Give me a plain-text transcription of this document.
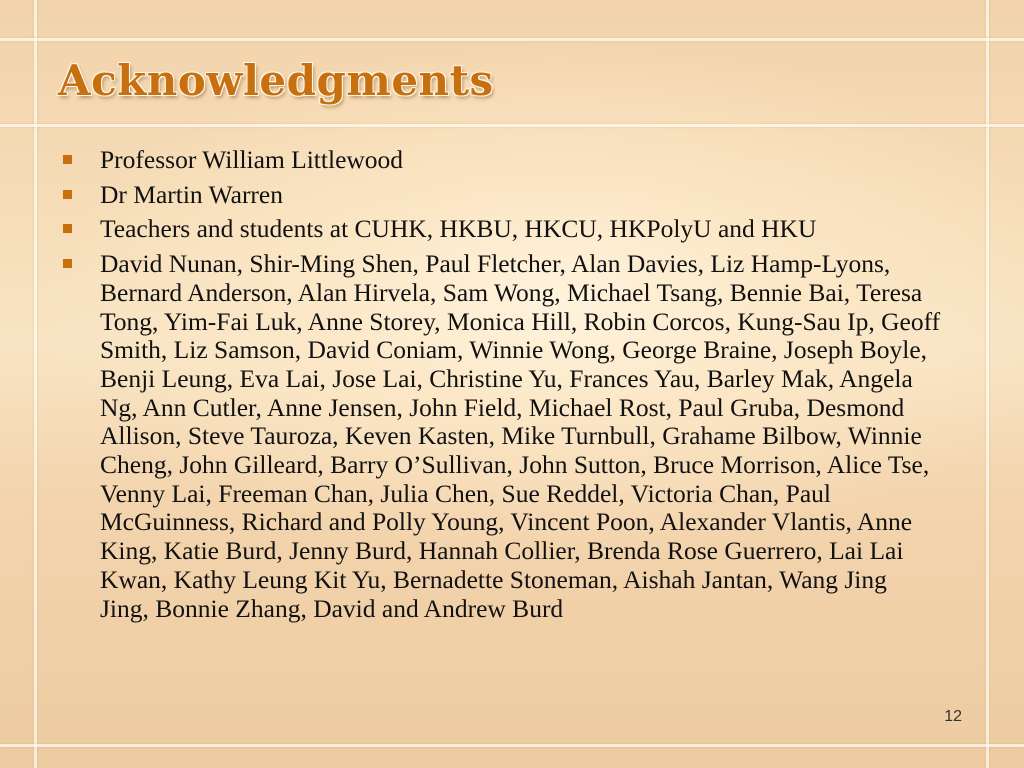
Acknowledgments
Professor William Littlewood
Dr Martin Warren
Teachers and students at CUHK, HKBU, HKCU, HKPolyU and HKU
David Nunan, Shir-Ming Shen, Paul Fletcher, Alan Davies, Liz Hamp-Lyons, Bernard Anderson, Alan Hirvela, Sam Wong, Michael Tsang, Bennie Bai, Teresa Tong, Yim-Fai Luk, Anne Storey, Monica Hill, Robin Corcos, Kung-Sau Ip, Geoff Smith, Liz Samson, David Coniam, Winnie Wong, George Braine, Joseph Boyle, Benji Leung, Eva Lai, Jose Lai, Christine Yu, Frances Yau, Barley Mak, Angela Ng, Ann Cutler, Anne Jensen, John Field, Michael Rost, Paul Gruba, Desmond Allison, Steve Tauroza, Keven Kasten, Mike Turnbull, Grahame Bilbow, Winnie Cheng, John Gilleard, Barry O’Sullivan, John Sutton, Bruce Morrison, Alice Tse, Venny Lai, Freeman Chan, Julia Chen, Sue Reddel, Victoria Chan, Paul McGuinness, Richard and Polly Young, Vincent Poon, Alexander Vlantis, Anne King, Katie Burd, Jenny Burd, Hannah Collier, Brenda Rose Guerrero, Lai Lai Kwan, Kathy Leung Kit Yu, Bernadette Stoneman, Aishah Jantan, Wang Jing Jing, Bonnie Zhang, David and Andrew Burd
12
